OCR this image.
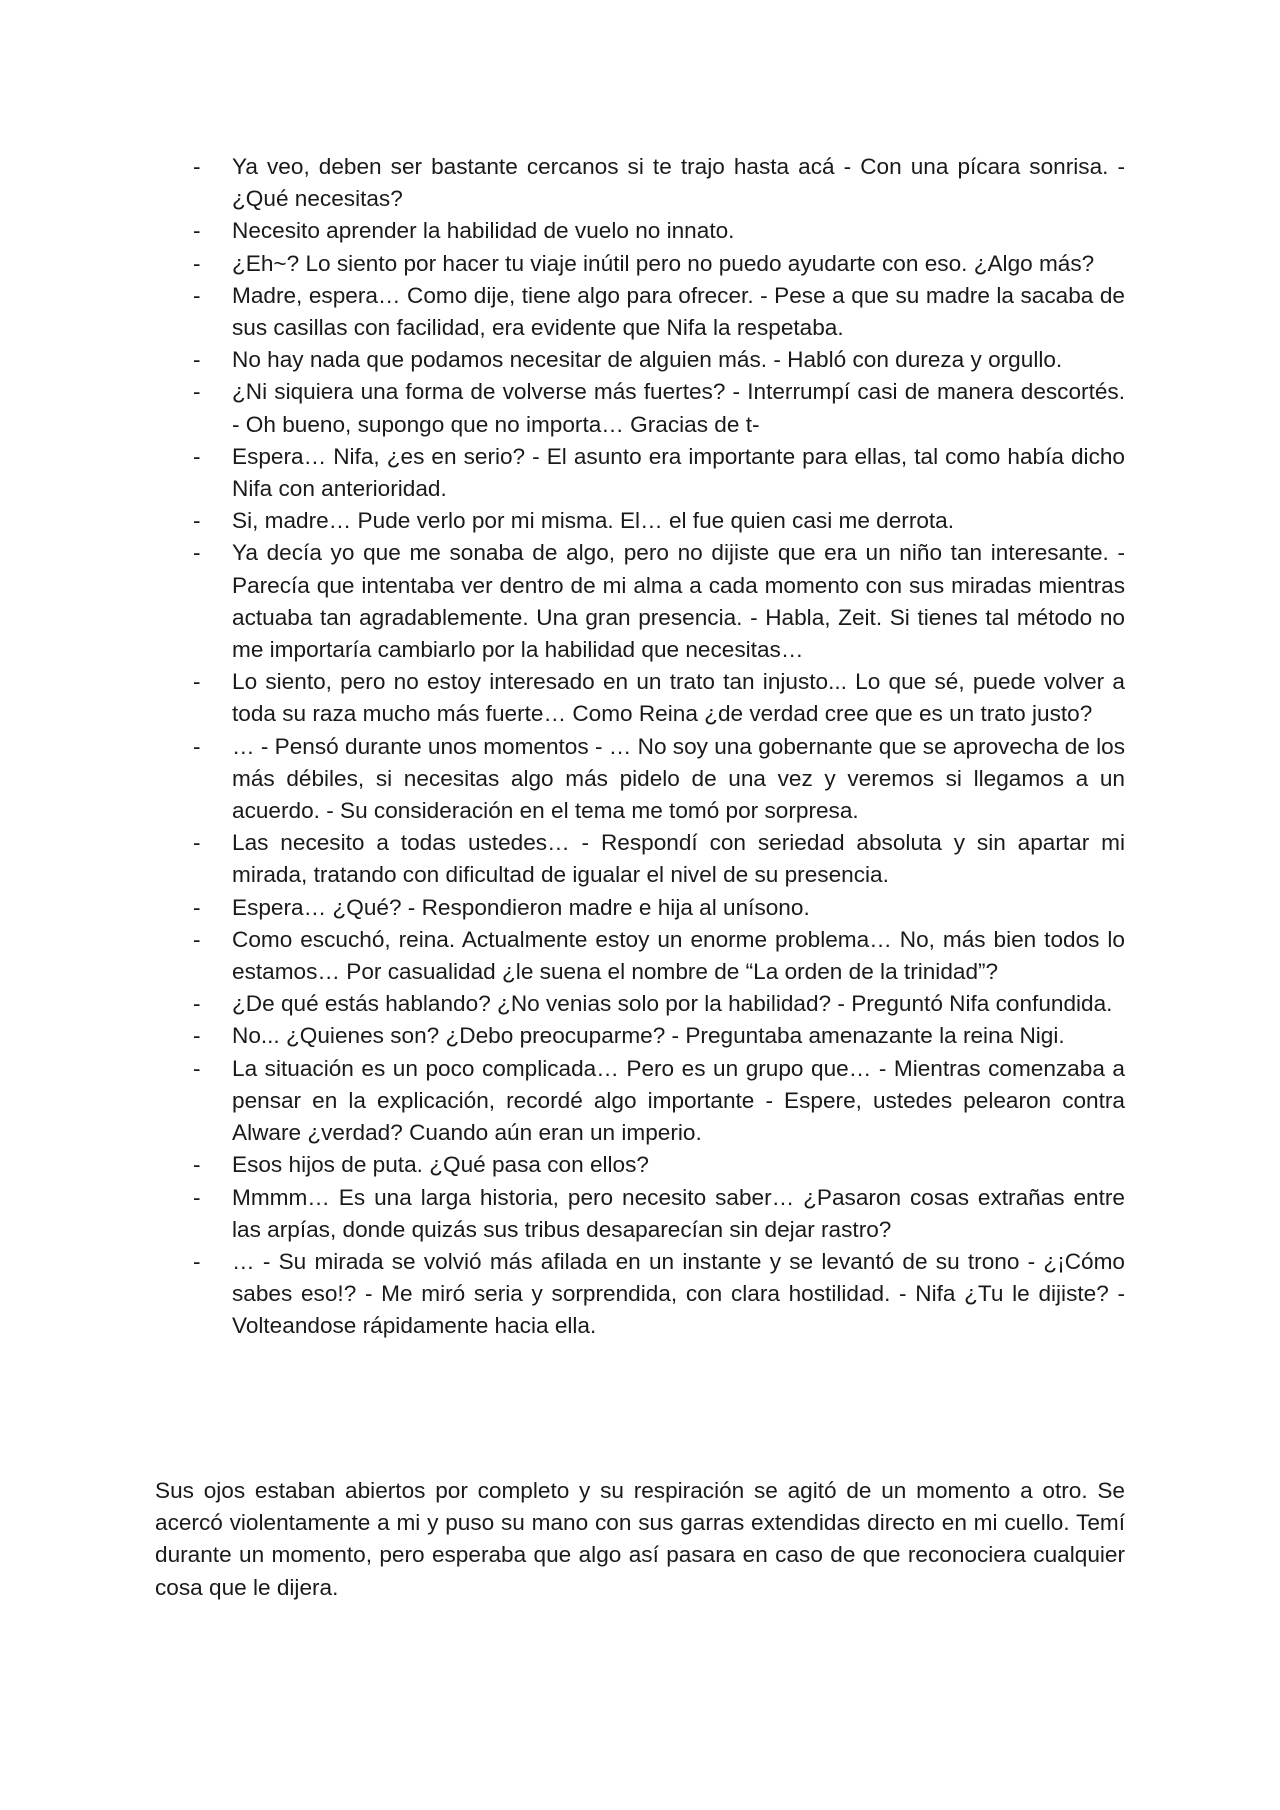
- Ya veo, deben ser bastante cercanos si te trajo hasta acá - Con una pícara sonrisa. - ¿Qué necesitas?
- Necesito aprender la habilidad de vuelo no innato.
- ¿Eh~? Lo siento por hacer tu viaje inútil pero no puedo ayudarte con eso. ¿Algo más?
- Madre, espera… Como dije, tiene algo para ofrecer. - Pese a que su madre la sacaba de sus casillas con facilidad, era evidente que Nifa la respetaba.
- No hay nada que podamos necesitar de alguien más. - Habló con dureza y orgullo.
- ¿Ni siquiera una forma de volverse más fuertes? - Interrumpí casi de manera descortés. - Oh bueno, supongo que no importa… Gracias de t-
- Espera… Nifa, ¿es en serio? - El asunto era importante para ellas, tal como había dicho Nifa con anterioridad.
- Si, madre… Pude verlo por mi misma. El… el fue quien casi me derrota.
- Ya decía yo que me sonaba de algo, pero no dijiste que era un niño tan interesante. - Parecía que intentaba ver dentro de mi alma a cada momento con sus miradas mientras actuaba tan agradablemente. Una gran presencia. - Habla, Zeit. Si tienes tal método no me importaría cambiarlo por la habilidad que necesitas…
- Lo siento, pero no estoy interesado en un trato tan injusto... Lo que sé, puede volver a toda su raza mucho más fuerte… Como Reina ¿de verdad cree que es un trato justo?
- … - Pensó durante unos momentos - … No soy una gobernante que se aprovecha de los más débiles, si necesitas algo más pidelo de una vez y veremos si llegamos a un acuerdo. - Su consideración en el tema me tomó por sorpresa.
- Las necesito a todas ustedes… - Respondí con seriedad absoluta y sin apartar mi mirada, tratando con dificultad de igualar el nivel de su presencia.
- Espera… ¿Qué? - Respondieron madre e hija al unísono.
- Como escuchó, reina. Actualmente estoy un enorme problema… No, más bien todos lo estamos… Por casualidad ¿le suena el nombre de “La orden de la trinidad”?
- ¿De qué estás hablando? ¿No venias solo por la habilidad? - Preguntó Nifa confundida.
- No... ¿Quienes son? ¿Debo preocuparme? - Preguntaba amenazante la reina Nigi.
- La situación es un poco complicada… Pero es un grupo que… - Mientras comenzaba a pensar en la explicación, recordé algo importante - Espere, ustedes pelearon contra Alware ¿verdad? Cuando aún eran un imperio.
- Esos hijos de puta. ¿Qué pasa con ellos?
- Mmmm… Es una larga historia, pero necesito saber… ¿Pasaron cosas extrañas entre las arpías, donde quizás sus tribus desaparecían sin dejar rastro?
- … - Su mirada se volvió más afilada en un instante y se levantó de su trono - ¿¡Cómo sabes eso!? - Me miró seria y sorprendida, con clara hostilidad. - Nifa ¿Tu le dijiste? - Volteandose rápidamente hacia ella.

Sus ojos estaban abiertos por completo y su respiración se agitó de un momento a otro. Se acercó violentamente a mi y puso su mano con sus garras extendidas directo en mi cuello. Temí durante un momento, pero esperaba que algo así pasara en caso de que reconociera cualquier cosa que le dijera.
